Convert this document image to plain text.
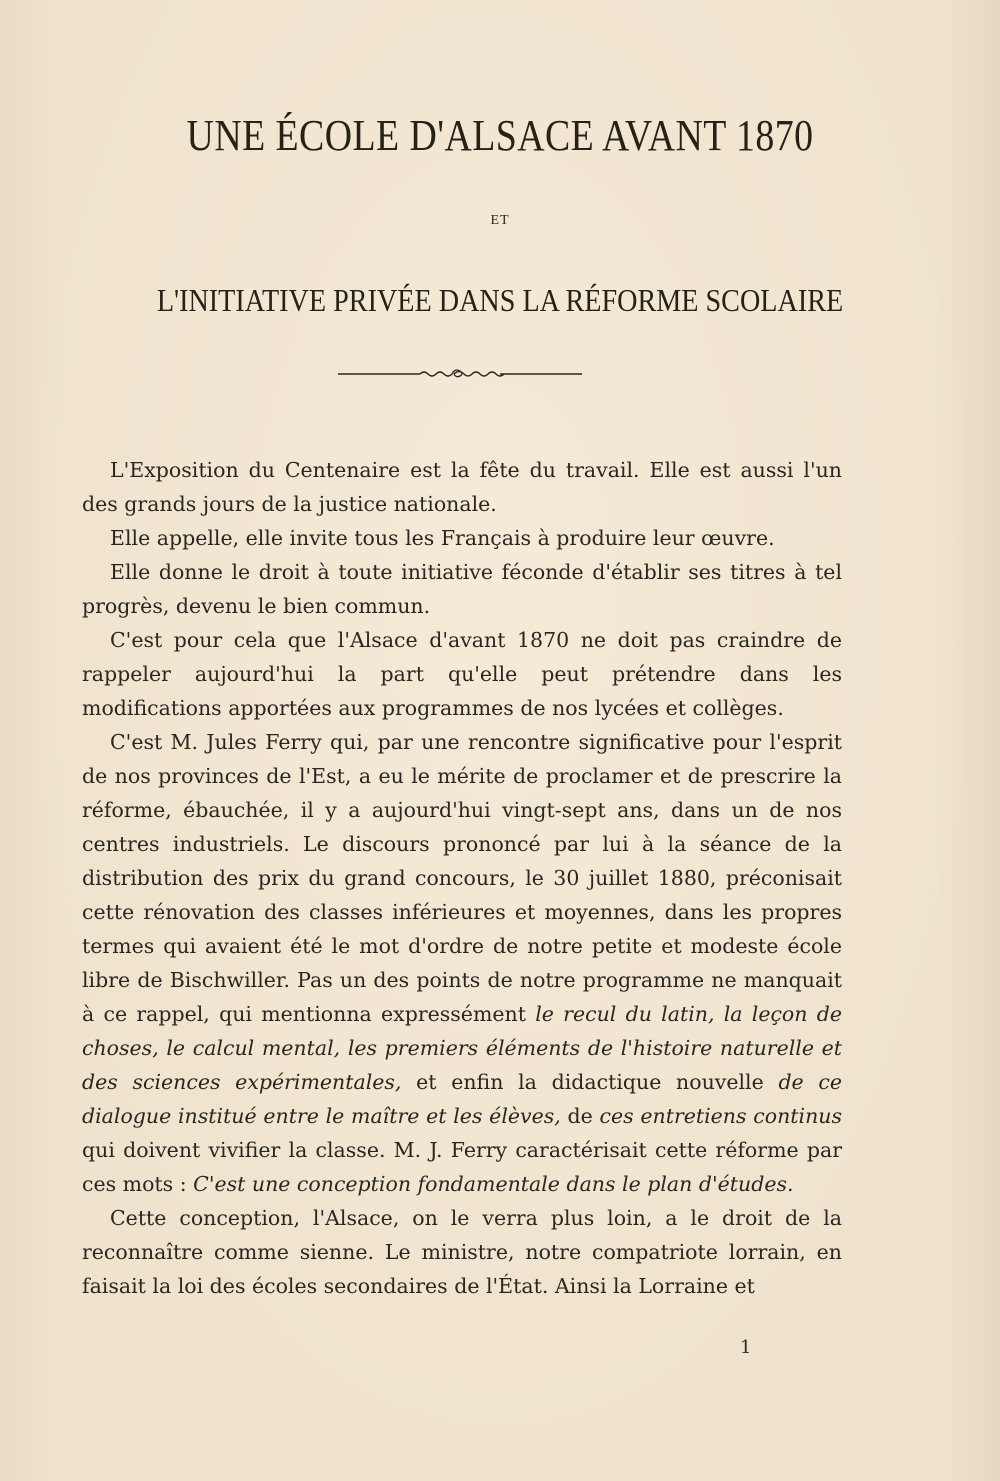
UNE ÉCOLE D'ALSACE AVANT 1870
ET
L'INITIATIVE PRIVÉE DANS LA RÉFORME SCOLAIRE

L'Exposition du Centenaire est la fête du travail. Elle est aussi l'un des grands jours de la justice nationale.

Elle appelle, elle invite tous les Français à produire leur œuvre.

Elle donne le droit à toute initiative féconde d'établir ses titres à tel progrès, devenu le bien commun.

C'est pour cela que l'Alsace d'avant 1870 ne doit pas craindre de rappeler aujourd'hui la part qu'elle peut prétendre dans les modifications apportées aux programmes de nos lycées et collèges.

C'est M. Jules Ferry qui, par une rencontre significative pour l'esprit de nos provinces de l'Est, a eu le mérite de proclamer et de prescrire la réforme, ébauchée, il y a aujourd'hui vingt-sept ans, dans un de nos centres industriels. Le discours prononcé par lui à la séance de la distribution des prix du grand concours, le 30 juillet 1880, préconisait cette rénovation des classes inférieures et moyennes, dans les propres termes qui avaient été le mot d'ordre de notre petite et modeste école libre de Bischwiller. Pas un des points de notre programme ne manquait à ce rappel, qui mentionna expressément le recul du latin, la leçon de choses, le calcul mental, les premiers éléments de l'histoire naturelle et des sciences expérimentales, et enfin la didactique nouvelle de ce dialogue institué entre le maître et les élèves, de ces entretiens continus qui doivent vivifier la classe. M. J. Ferry caractérisait cette réforme par ces mots : C'est une conception fondamentale dans le plan d'études.

Cette conception, l'Alsace, on le verra plus loin, a le droit de la reconnaître comme sienne. Le ministre, notre compatriote lorrain, en faisait la loi des écoles secondaires de l'État. Ainsi la Lorraine et

1
